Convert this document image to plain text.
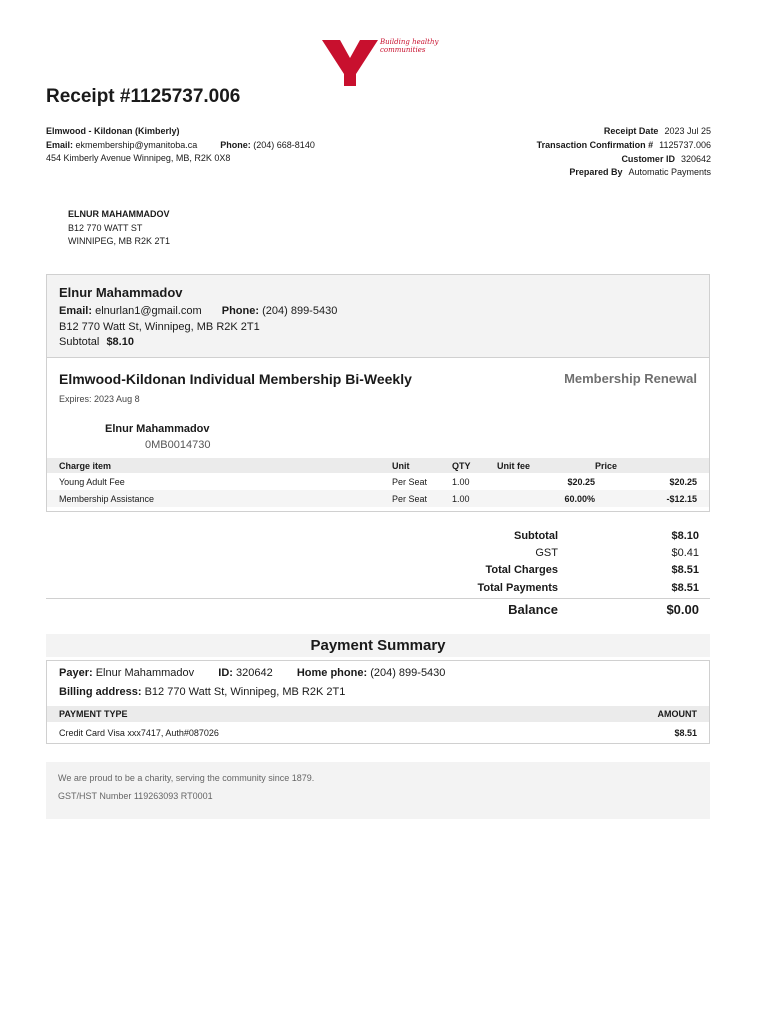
Building healthy communities
Receipt #1125737.006
Elmwood - Kildonan (Kimberly)
Email: ekmembership@ymanitoba.ca	Phone: (204) 668-8140
454 Kimberly Avenue Winnipeg, MB, R2K 0X8
Receipt Date 2023 Jul 25
Transaction Confirmation # 1125737.006
Customer ID 320642
Prepared By Automatic Payments
ELNUR MAHAMMADOV
B12 770 WATT ST
WINNIPEG, MB R2K 2T1
Elnur Mahammadov
Email: elnurlan1@gmail.com Phone: (204) 899-5430
B12 770 Watt St, Winnipeg, MB R2K 2T1
Subtotal $8.10
Elmwood-Kildonan Individual Membership Bi-Weekly	Membership Renewal
Expires: 2023 Aug 8
Elnur Mahammadov
0MB0014730
Charge item	Unit	QTY	Unit fee	Price
Young Adult Fee	Per Seat	1.00	$20.25	$20.25
Membership Assistance	Per Seat	1.00	60.00%	-$12.15
Subtotal	$8.10
GST	$0.41
Total Charges	$8.51
Total Payments	$8.51
Balance	$0.00
Payment Summary
Payer: Elnur Mahammadov ID: 320642 Home phone: (204) 899-5430
Billing address: B12 770 Watt St, Winnipeg, MB R2K 2T1
PAYMENT TYPE	AMOUNT
Credit Card Visa xxx7417, Auth#087026	$8.51
We are proud to be a charity, serving the community since 1879.
GST/HST Number 119263093 RT0001
